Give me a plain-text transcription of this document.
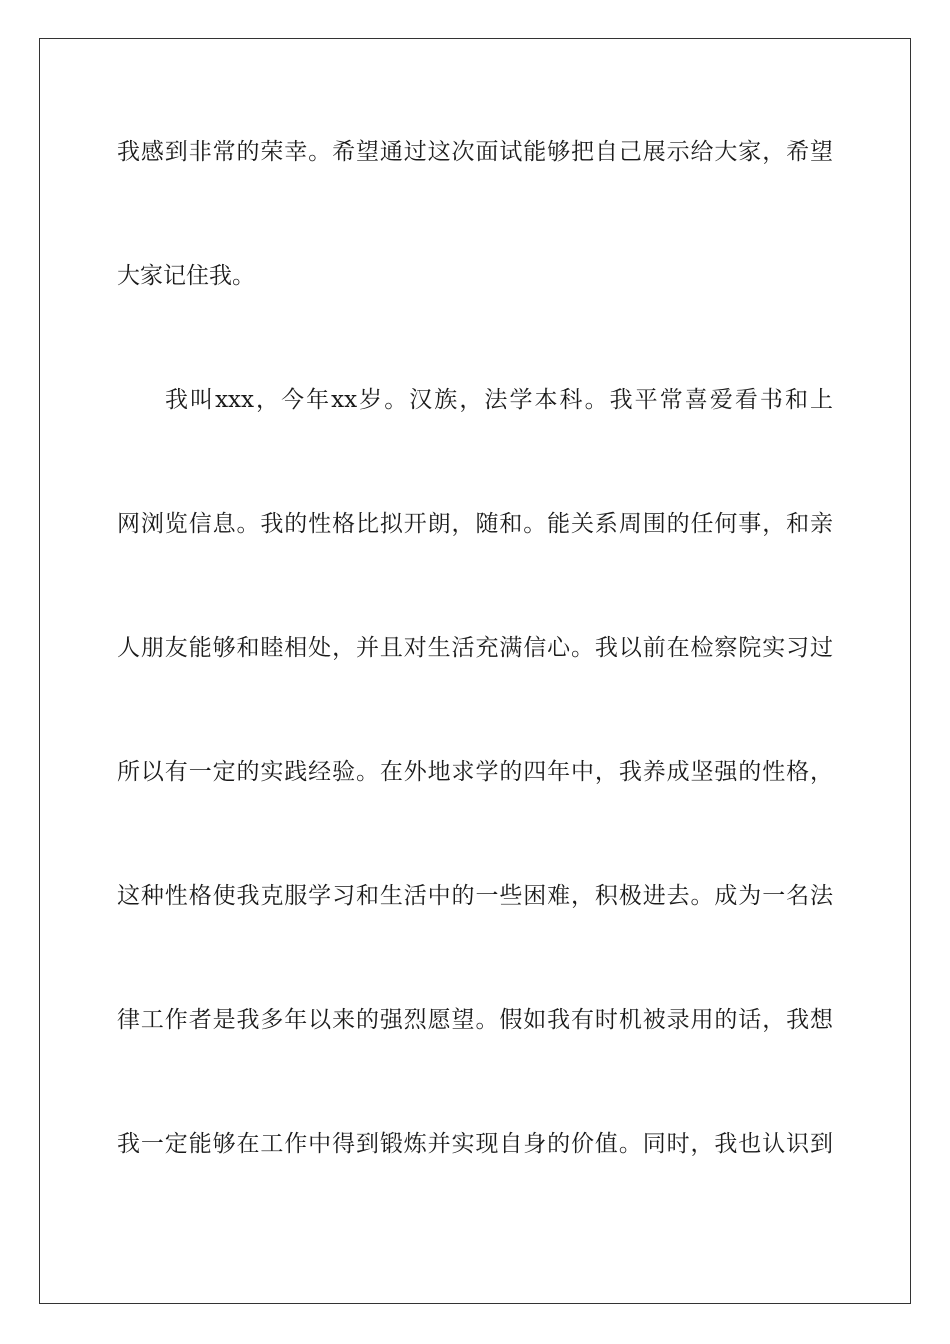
我感到非常的荣幸。希望通过这次面试能够把自己展示给大家，希望
大家记住我。
我叫xxx，今年xx岁。汉族，法学本科。我平常喜爱看书和上
网浏览信息。我的性格比拟开朗，随和。能关系周围的任何事，和亲
人朋友能够和睦相处，并且对生活充满信心。我以前在检察院实习过
所以有一定的实践经验。在外地求学的四年中，我养成坚强的性格，
这种性格使我克服学习和生活中的一些困难，积极进去。成为一名法
律工作者是我多年以来的强烈愿望。假如我有时机被录用的话，我想
我一定能够在工作中得到锻炼并实现自身的价值。同时，我也认识到
